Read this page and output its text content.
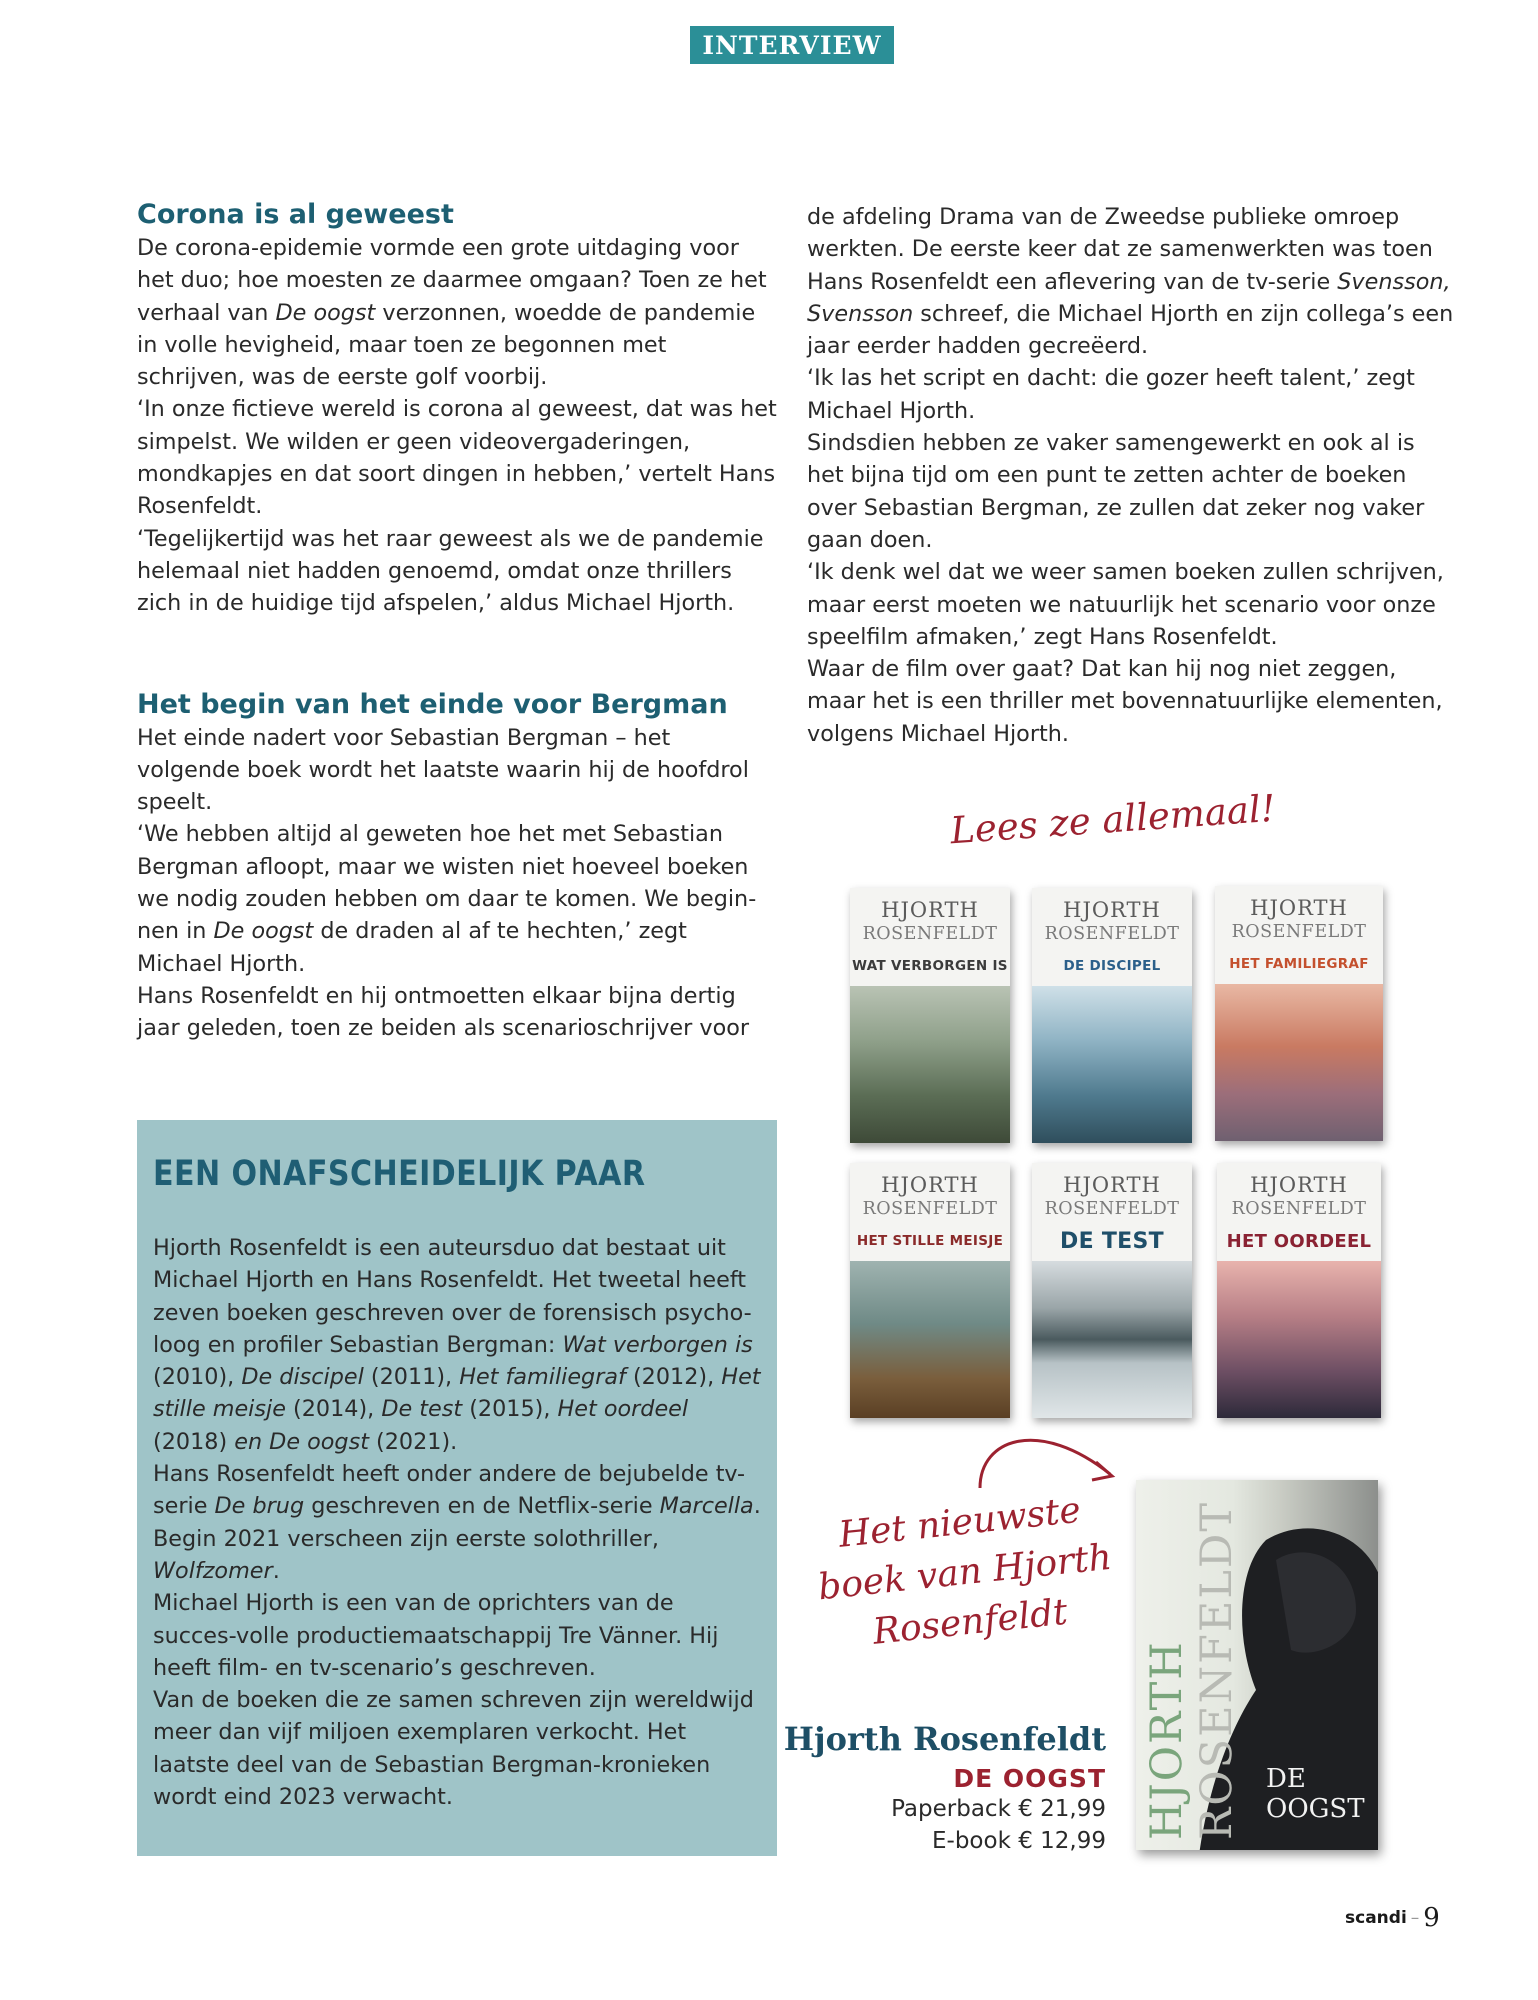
INTERVIEW
Corona is al geweest

De corona-epidemie vormde een grote uitdaging voor het duo; hoe moesten ze daarmee omgaan? Toen ze het verhaal van De oogst verzonnen, woedde de pandemie in volle hevigheid, maar toen ze begonnen met schrijven, was de eerste golf voorbij.

‘In onze fictieve wereld is corona al geweest, dat was het simpelst. We wilden er geen videovergaderingen, mondkapjes en dat soort dingen in hebben,’ vertelt Hans Rosenfeldt.

‘Tegelijkertijd was het raar geweest als we de pandemie helemaal niet hadden genoemd, omdat onze thrillers zich in de huidige tijd afspelen,’ aldus Michael Hjorth.

Het begin van het einde voor Bergman

Het einde nadert voor Sebastian Bergman – het volgende boek wordt het laatste waarin hij de hoofdrol speelt.

‘We hebben altijd al geweten hoe het met Sebastian Bergman afloopt, maar we wisten niet hoeveel boeken we nodig zouden hebben om daar te komen. We begin-nen in De oogst de draden al af te hechten,’ zegt Michael Hjorth.

Hans Rosenfeldt en hij ontmoetten elkaar bijna dertig jaar geleden, toen ze beiden als scenarioschrijver voor

de afdeling Drama van de Zweedse publieke omroep werkten. De eerste keer dat ze samenwerkten was toen Hans Rosenfeldt een aflevering van de tv-serie Svensson, Svensson schreef, die Michael Hjorth en zijn collega’s een jaar eerder hadden gecreëerd.

‘Ik las het script en dacht: die gozer heeft talent,’ zegt Michael Hjorth.

Sindsdien hebben ze vaker samengewerkt en ook al is het bijna tijd om een punt te zetten achter de boeken over Sebastian Bergman, ze zullen dat zeker nog vaker gaan doen.

‘Ik denk wel dat we weer samen boeken zullen schrijven, maar eerst moeten we natuurlijk het scenario voor onze speelfilm afmaken,’ zegt Hans Rosenfeldt.

Waar de film over gaat? Dat kan hij nog niet zeggen, maar het is een thriller met bovennatuurlijke elementen, volgens Michael Hjorth.

EEN ONAFSCHEIDELIJK PAAR

Hjorth Rosenfeldt is een auteursduo dat bestaat uit Michael Hjorth en Hans Rosenfeldt. Het tweetal heeft zeven boeken geschreven over de forensisch psycho-loog en profiler Sebastian Bergman: Wat verborgen is (2010), De discipel (2011), Het familiegraf (2012), Het stille meisje (2014), De test (2015), Het oordeel (2018) en De oogst (2021).

Hans Rosenfeldt heeft onder andere de bejubelde tv-serie De brug geschreven en de Netflix-serie Marcella. Begin 2021 verscheen zijn eerste solothriller, Wolfzomer.

Michael Hjorth is een van de oprichters van de succes-volle productiemaatschappij Tre Vänner. Hij heeft film- en tv-scenario’s geschreven.

Van de boeken die ze samen schreven zijn wereldwijd meer dan vijf miljoen exemplaren verkocht. Het laatste deel van de Sebastian Bergman-kronieken wordt eind 2023 verwacht.

Lees ze allemaal!
HJORTH
ROSENFELDT
WAT VERBORGEN IS
HJORTH
ROSENFELDT
DE DISCIPEL
HJORTH
ROSENFELDT
HET FAMILIEGRAF
HJORTH
ROSENFELDT
HET STILLE MEISJE
HJORTH
ROSENFELDT
DE TEST
HJORTH
ROSENFELDT
HET OORDEEL
Het nieuwste boek van Hjorth Rosenfeldt
HJORTH
ROSENFELDT DE
OOGST
Hjorth Rosenfeldt
DE OOGST
Paperback € 21,99
E-book € 12,99
scandi – 9
